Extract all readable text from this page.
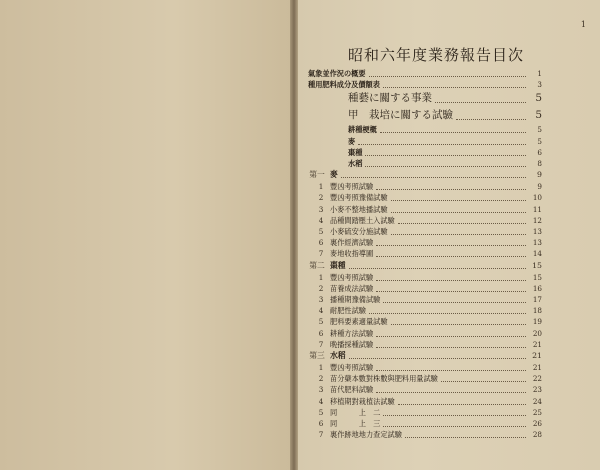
1
昭和六年度業務報告目次
氣象並作況の概要	1
種用肥料成分及價額表	3
種藝に關する事業	5
甲　栽培に關する試驗	5
耕種梗概	5
麥	5
棗種	6
水稻	8
第一 麥	9
1 豐凶考照試驗	9
2 豐凶考照豫備試驗	10
3 小麥不整地播試驗	11
4 品種間踏壓土入試驗	12
5 小麥硫安分施試驗	13
6 裏作經濟試驗	13
7 麥地收指導圃	14
第二 棗種	15
1 豐凶考照試驗	15
2 苗養成法試驗	16
3 播種期豫備試驗	17
4 耐肥性試驗	18
5 肥料要素適量試驗	19
6 耕種方法試驗	20
7 晩播採種試驗	21
第三 水稻	21
1 豐凶考照試驗	21
2 苗分蘖本數對株數與肥料用量試驗	22
3 苗代肥料試驗	23
4 移植期對栽植法試驗	24
5 同　　　上　二	25
6 同　　　上　三	26
7 裏作跡地地力查定試驗	28
